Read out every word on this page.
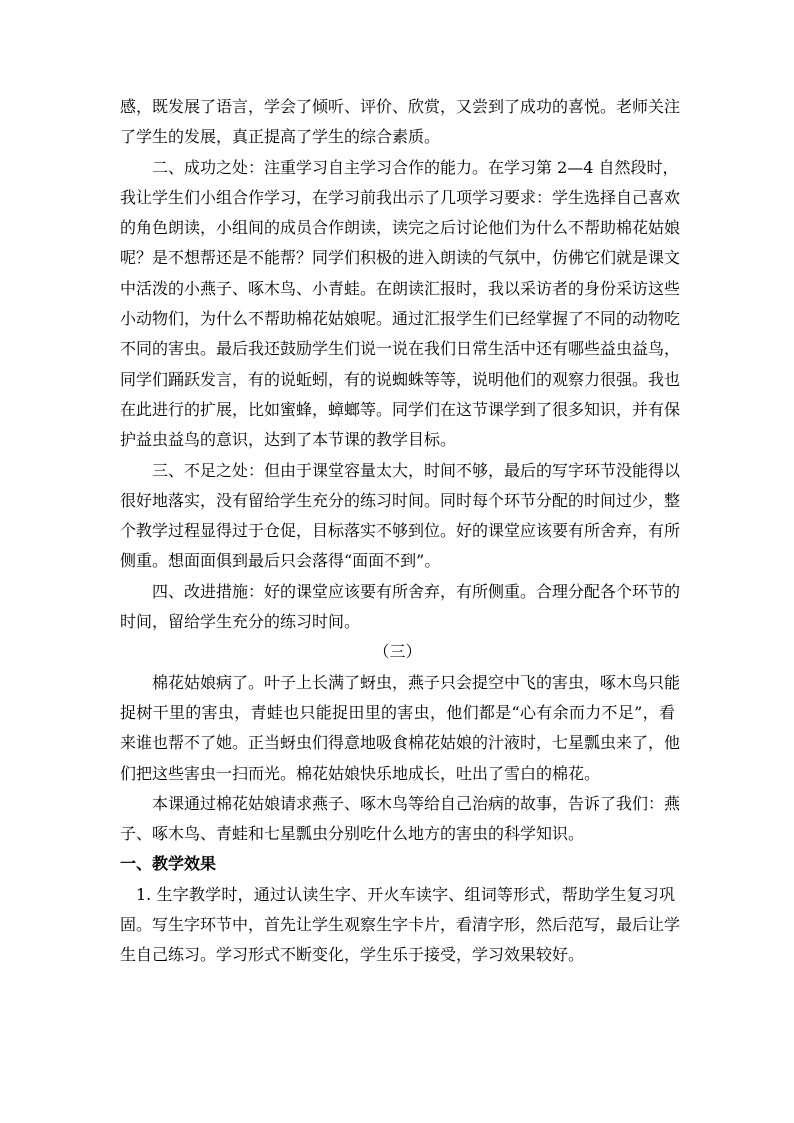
感，既发展了语言，学会了倾听、评价、欣赏，又尝到了成功的喜悦。老师关注

了学生的发展，真正提高了学生的综合素质。

二、成功之处：注重学习自主学习合作的能力。在学习第 2—4 自然段时，

我让学生们小组合作学习，在学习前我出示了几项学习要求：学生选择自己喜欢

的角色朗读，小组间的成员合作朗读，读完之后讨论他们为什么不帮助棉花姑娘

呢？是不想帮还是不能帮？同学们积极的进入朗读的气氛中，仿佛它们就是课文

中活泼的小燕子、啄木鸟、小青蛙。在朗读汇报时，我以采访者的身份采访这些

小动物们，为什么不帮助棉花姑娘呢。通过汇报学生们已经掌握了不同的动物吃

不同的害虫。最后我还鼓励学生们说一说在我们日常生活中还有哪些益虫益鸟，

同学们踊跃发言，有的说蚯蚓，有的说蜘蛛等等，说明他们的观察力很强。我也

在此进行的扩展，比如蜜蜂，蟑螂等。同学们在这节课学到了很多知识，并有保

护益虫益鸟的意识，达到了本节课的教学目标。

三、不足之处：但由于课堂容量太大，时间不够，最后的写字环节没能得以

很好地落实，没有留给学生充分的练习时间。同时每个环节分配的时间过少，整

个教学过程显得过于仓促，目标落实不够到位。好的课堂应该要有所舍弃，有所

侧重。想面面俱到最后只会落得“面面不到”。

四、改进措施：好的课堂应该要有所舍弃，有所侧重。合理分配各个环节的

时间，留给学生充分的练习时间。

（三）

棉花姑娘病了。叶子上长满了蚜虫，燕子只会提空中飞的害虫，啄木鸟只能

捉树干里的害虫，青蛙也只能捉田里的害虫，他们都是“心有余而力不足”，看

来谁也帮不了她。正当蚜虫们得意地吸食棉花姑娘的汁液时，七星瓢虫来了，他

们把这些害虫一扫而光。棉花姑娘快乐地成长，吐出了雪白的棉花。

本课通过棉花姑娘请求燕子、啄木鸟等给自己治病的故事，告诉了我们：燕

子、啄木鸟、青蛙和七星瓢虫分别吃什么地方的害虫的科学知识。

一、教学效果

1. 生字教学时，通过认读生字、开火车读字、组词等形式，帮助学生复习巩

固。写生字环节中，首先让学生观察生字卡片，看清字形，然后范写，最后让学

生自己练习。学习形式不断变化，学生乐于接受，学习效果较好。
